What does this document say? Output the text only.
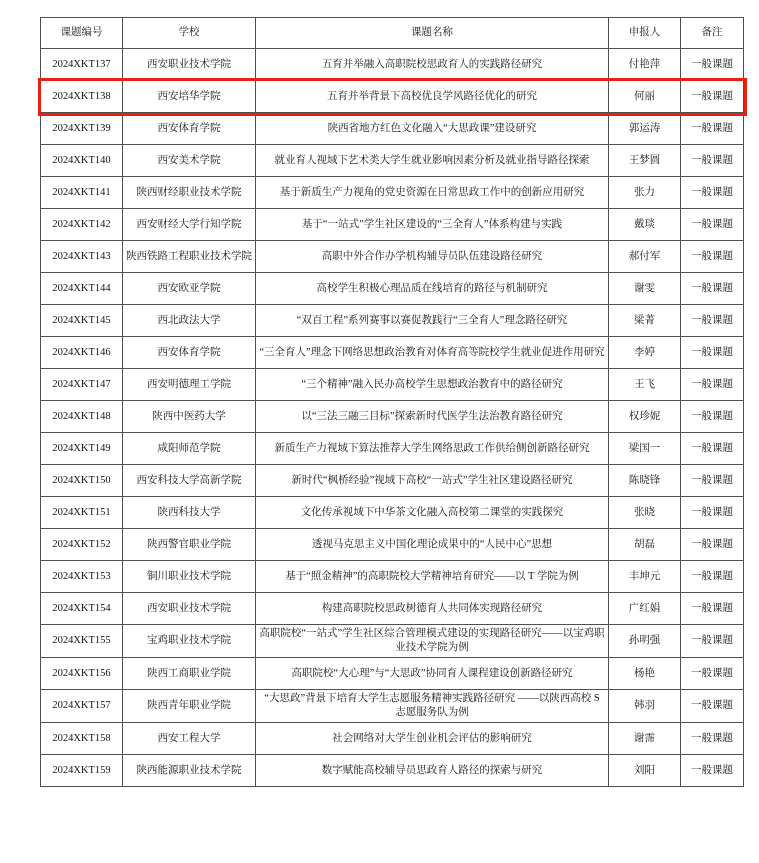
课题编号	学校	课题名称	申报人	备注
2024XKT137	西安职业技术学院	五育并举融入高职院校思政育人的实践路径研究	付艳萍	一般课题
2024XKT138	西安培华学院	五育并举背景下高校优良学风路径优化的研究	何丽	一般课题
2024XKT139	西安体育学院	陕西省地方红色文化融入“大思政课”建设研究	郭运涛	一般课题
2024XKT140	西安美术学院	就业育人视域下艺术类大学生就业影响因素分析及就业指导路径探索	王梦圆	一般课题
2024XKT141	陕西财经职业技术学院	基于新质生产力视角的党史资源在日常思政工作中的创新应用研究	张力	一般课题
2024XKT142	西安财经大学行知学院	基于“一站式”学生社区建设的“三全育人”体系构建与实践	戴琰	一般课题
2024XKT143	陕西铁路工程职业技术学院	高职中外合作办学机构辅导员队伍建设路径研究	郝付军	一般课题
2024XKT144	西安欧亚学院	高校学生积极心理品质在线培育的路径与机制研究	谢雯	一般课题
2024XKT145	西北政法大学	“双百工程”系列赛事以赛促教践行“三全育人”理念路径研究	梁菁	一般课题
2024XKT146	西安体育学院	“三全育人”理念下网络思想政治教育对体育高等院校学生就业促进作用研究	李婷	一般课题
2024XKT147	西安明德理工学院	“三个精神”融入民办高校学生思想政治教育中的路径研究	王飞	一般课题
2024XKT148	陕西中医药大学	以“三法三融三目标”探索新时代医学生法治教育路径研究	权珍妮	一般课题
2024XKT149	咸阳师范学院	新质生产力视域下算法推荐大学生网络思政工作供给侧创新路径研究	梁国一	一般课题
2024XKT150	西安科技大学高新学院	新时代“枫桥经验”视域下高校“一站式”学生社区建设路径研究	陈晓锋	一般课题
2024XKT151	陕西科技大学	文化传承视域下中华茶文化融入高校第二课堂的实践探究	张晓	一般课题
2024XKT152	陕西警官职业学院	透视马克思主义中国化理论成果中的“人民中心”思想	胡磊	一般课题
2024XKT153	铜川职业技术学院	基于“照金精神”的高职院校大学精神培育研究——以 T 学院为例	丰坤元	一般课题
2024XKT154	西安职业技术学院	构建高职院校思政树德育人共同体实现路径研究	广红娟	一般课题
2024XKT155	宝鸡职业技术学院	高职院校“一站式”学生社区综合管理模式建设的实现路径研究——以宝鸡职业技术学院为例	孙明强	一般课题
2024XKT156	陕西工商职业学院	高职院校“大心理”与“大思政”协同育人课程建设创新路径研究	杨艳	一般课题
2024XKT157	陕西青年职业学院	“大思政”背景下培育大学生志愿服务精神实践路径研究 ——以陕西高校 S 志愿服务队为例	韩羽	一般课题
2024XKT158	西安工程大学	社会网络对大学生创业机会评估的影响研究	谢霈	一般课题
2024XKT159	陕西能源职业技术学院	数字赋能高校辅导员思政育人路径的探索与研究	刘阳	一般课题
